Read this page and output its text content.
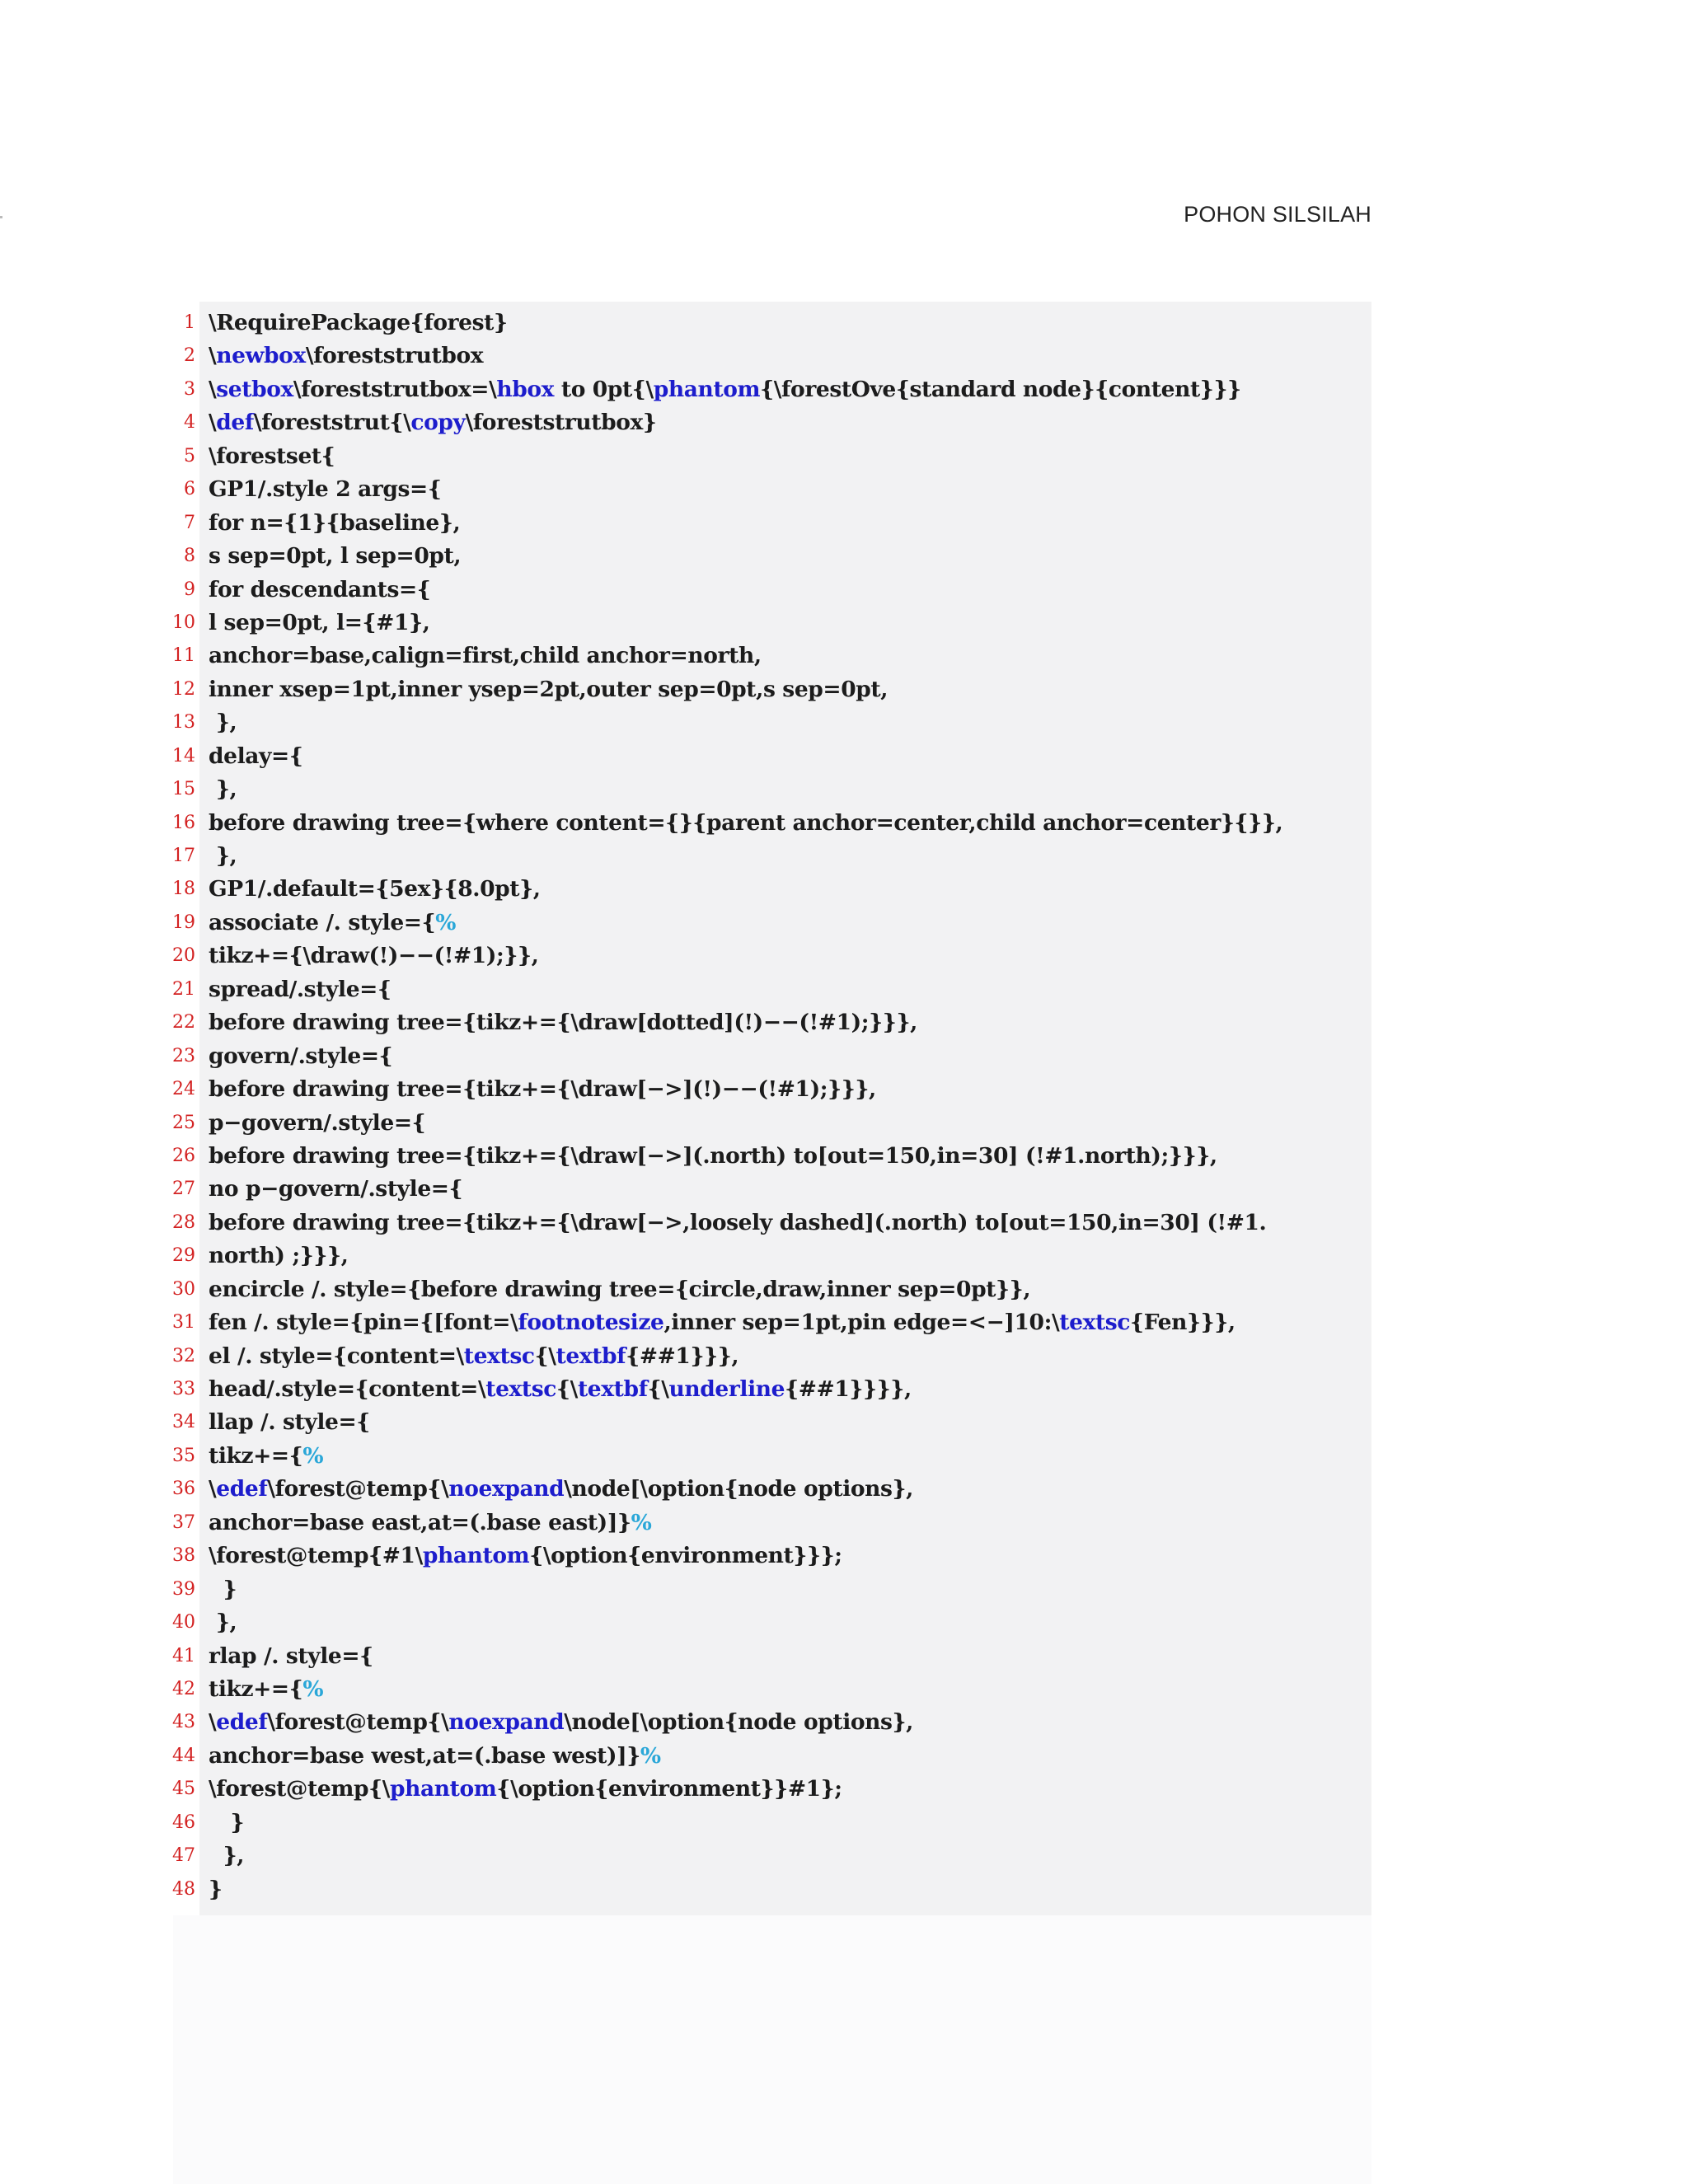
POHON SILSILAH
1 \RequirePackage{forest}
2 \newbox\foreststrutbox
3 \setbox\foreststrutbox=\hbox to 0pt{\phantom{\forestOve{standard node}{content}}}
4 \def\foreststrut{\copy\foreststrutbox}
5 \forestset{
6 GP1/.style 2 args={
7 for n={1}{baseline},
8 s sep=0pt, l sep=0pt,
9 for descendants={
10 l sep=0pt, l={#1},
11 anchor=base,calign=first,child anchor=north,
12 inner xsep=1pt,inner ysep=2pt,outer sep=0pt,s sep=0pt,
13 },
14 delay={
15 },
16 before drawing tree={where content={}{parent anchor=center,child anchor=center}{}},
17 },
18 GP1/.default={5ex}{8.0pt},
19 associate /. style={%
20 tikz+={\draw(!)−−(!#1);}},
21 spread/.style={
22 before drawing tree={tikz+={\draw[dotted](!)−−(!#1);}}},
23 govern/.style={
24 before drawing tree={tikz+={\draw[−>](!)−−(!#1);}}},
25 p−govern/.style={
26 before drawing tree={tikz+={\draw[−>](.north) to[out=150,in=30] (!#1.north);}}},
27 no p−govern/.style={
28 before drawing tree={tikz+={\draw[−>,loosely dashed](.north) to[out=150,in=30] (!#1.
29 north) ;}}},
30 encircle /. style={before drawing tree={circle,draw,inner sep=0pt}},
31 fen /. style={pin={[font=\footnotesize,inner sep=1pt,pin edge=<−]10:\textsc{Fen}}},
32 el /. style={content=\textsc{\textbf{##1}}},
33 head/.style={content=\textsc{\textbf{\underline{##1}}}},
34 llap /. style={
35 tikz+={%
36 \edef\forest@temp{\noexpand\node[\option{node options},
37 anchor=base east,at=(.base east)]}%
38 \forest@temp{#1\phantom{\option{environment}}};
39 }
40 },
41 rlap /. style={
42 tikz+={%
43 \edef\forest@temp{\noexpand\node[\option{node options},
44 anchor=base west,at=(.base west)]}%
45 \forest@temp{\phantom{\option{environment}}#1};
46 }
47 },
48 }
